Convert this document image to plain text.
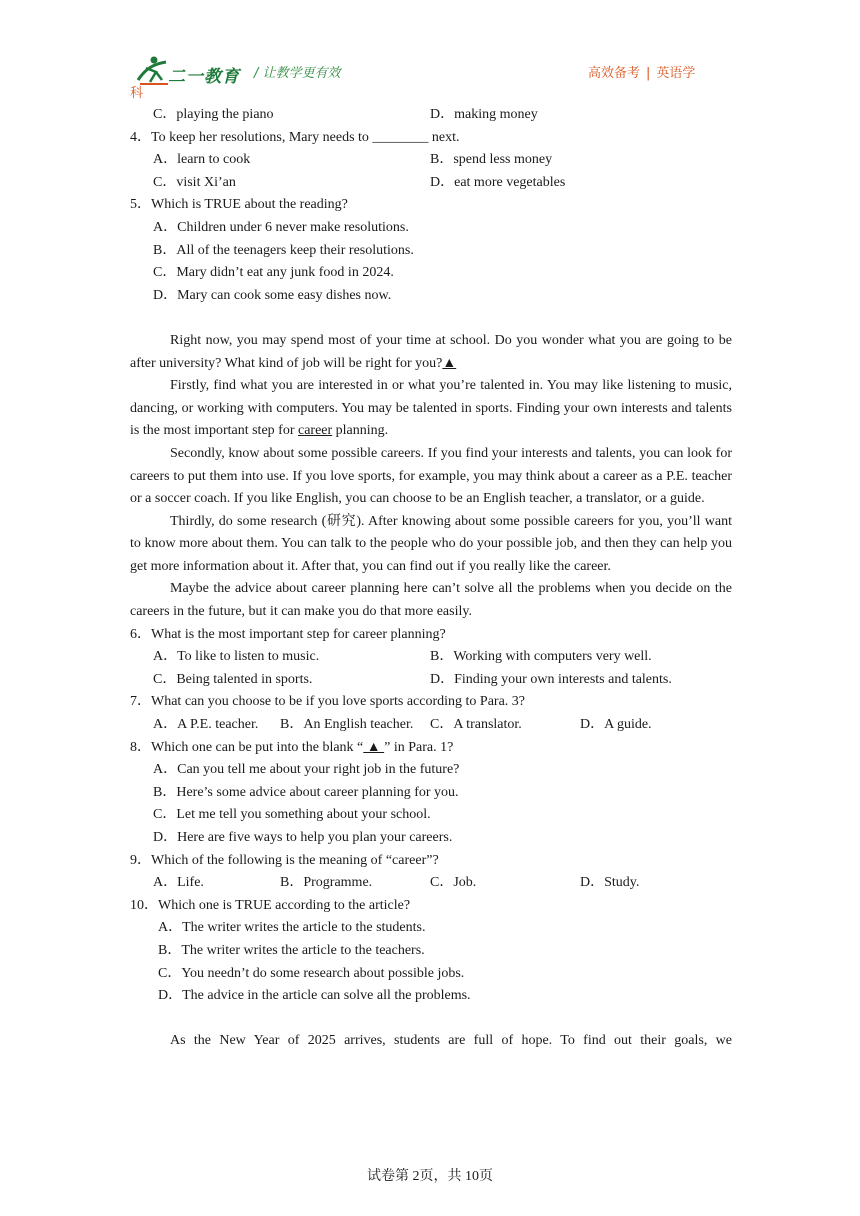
二一教育 / 让教学更有效	高效备考 | 英语学
科
C．playing the piano	D．making money
4．To keep her resolutions, Mary needs to ________ next.
A．learn to cook	B．spend less money
C．visit Xi’an	D．eat more vegetables
5．Which is TRUE about the reading?
A．Children under 6 never make resolutions.
B．All of the teenagers keep their resolutions.
C．Mary didn’t eat any junk food in 2024.
D．Mary can cook some easy dishes now.

Right now, you may spend most of your time at school. Do you wonder what you are going to be after university? What kind of job will be right for you?▲

Firstly, find what you are interested in or what you’re talented in. You may like listening to music, dancing, or working with computers. You may be talented in sports. Finding your own interests and talents is the most important step for career planning.

Secondly, know about some possible careers. If you find your interests and talents, you can look for careers to put them into use. If you love sports, for example, you may think about a career as a P.E. teacher or a soccer coach. If you like English, you can choose to be an English teacher, a translator, or a guide.

Thirdly, do some research (研究). After knowing about some possible careers for you, you’ll want to know more about them. You can talk to the people who do your possible job, and then they can help you get more information about it. After that, you can find out if you really like the career.

Maybe the advice about career planning here can’t solve all the problems when you decide on the careers in the future, but it can make you do that more easily.

6．What is the most important step for career planning?
A．To like to listen to music.	B．Working with computers very well.
C．Being talented in sports.	D．Finding your own interests and talents.
7．What can you choose to be if you love sports according to Para. 3?
A．A P.E. teacher. B．An English teacher. C．A translator.	D．A guide.
8．Which one can be put into the blank “ ▲ ” in Para. 1?
A．Can you tell me about your right job in the future?
B．Here’s some advice about career planning for you.
C．Let me tell you something about your school.
D．Here are five ways to help you plan your careers.
9．Which of the following is the meaning of “career”?
A．Life.	B．Programme.	C．Job.	D．Study.
10．Which one is TRUE according to the article?
A．The writer writes the article to the students.
B．The writer writes the article to the teachers.
C．You needn’t do some research about possible jobs.
D．The advice in the article can solve all the problems.

As the New Year of 2025 arrives, students are full of hope. To find out their goals, we

试卷第 2页，共 10页
